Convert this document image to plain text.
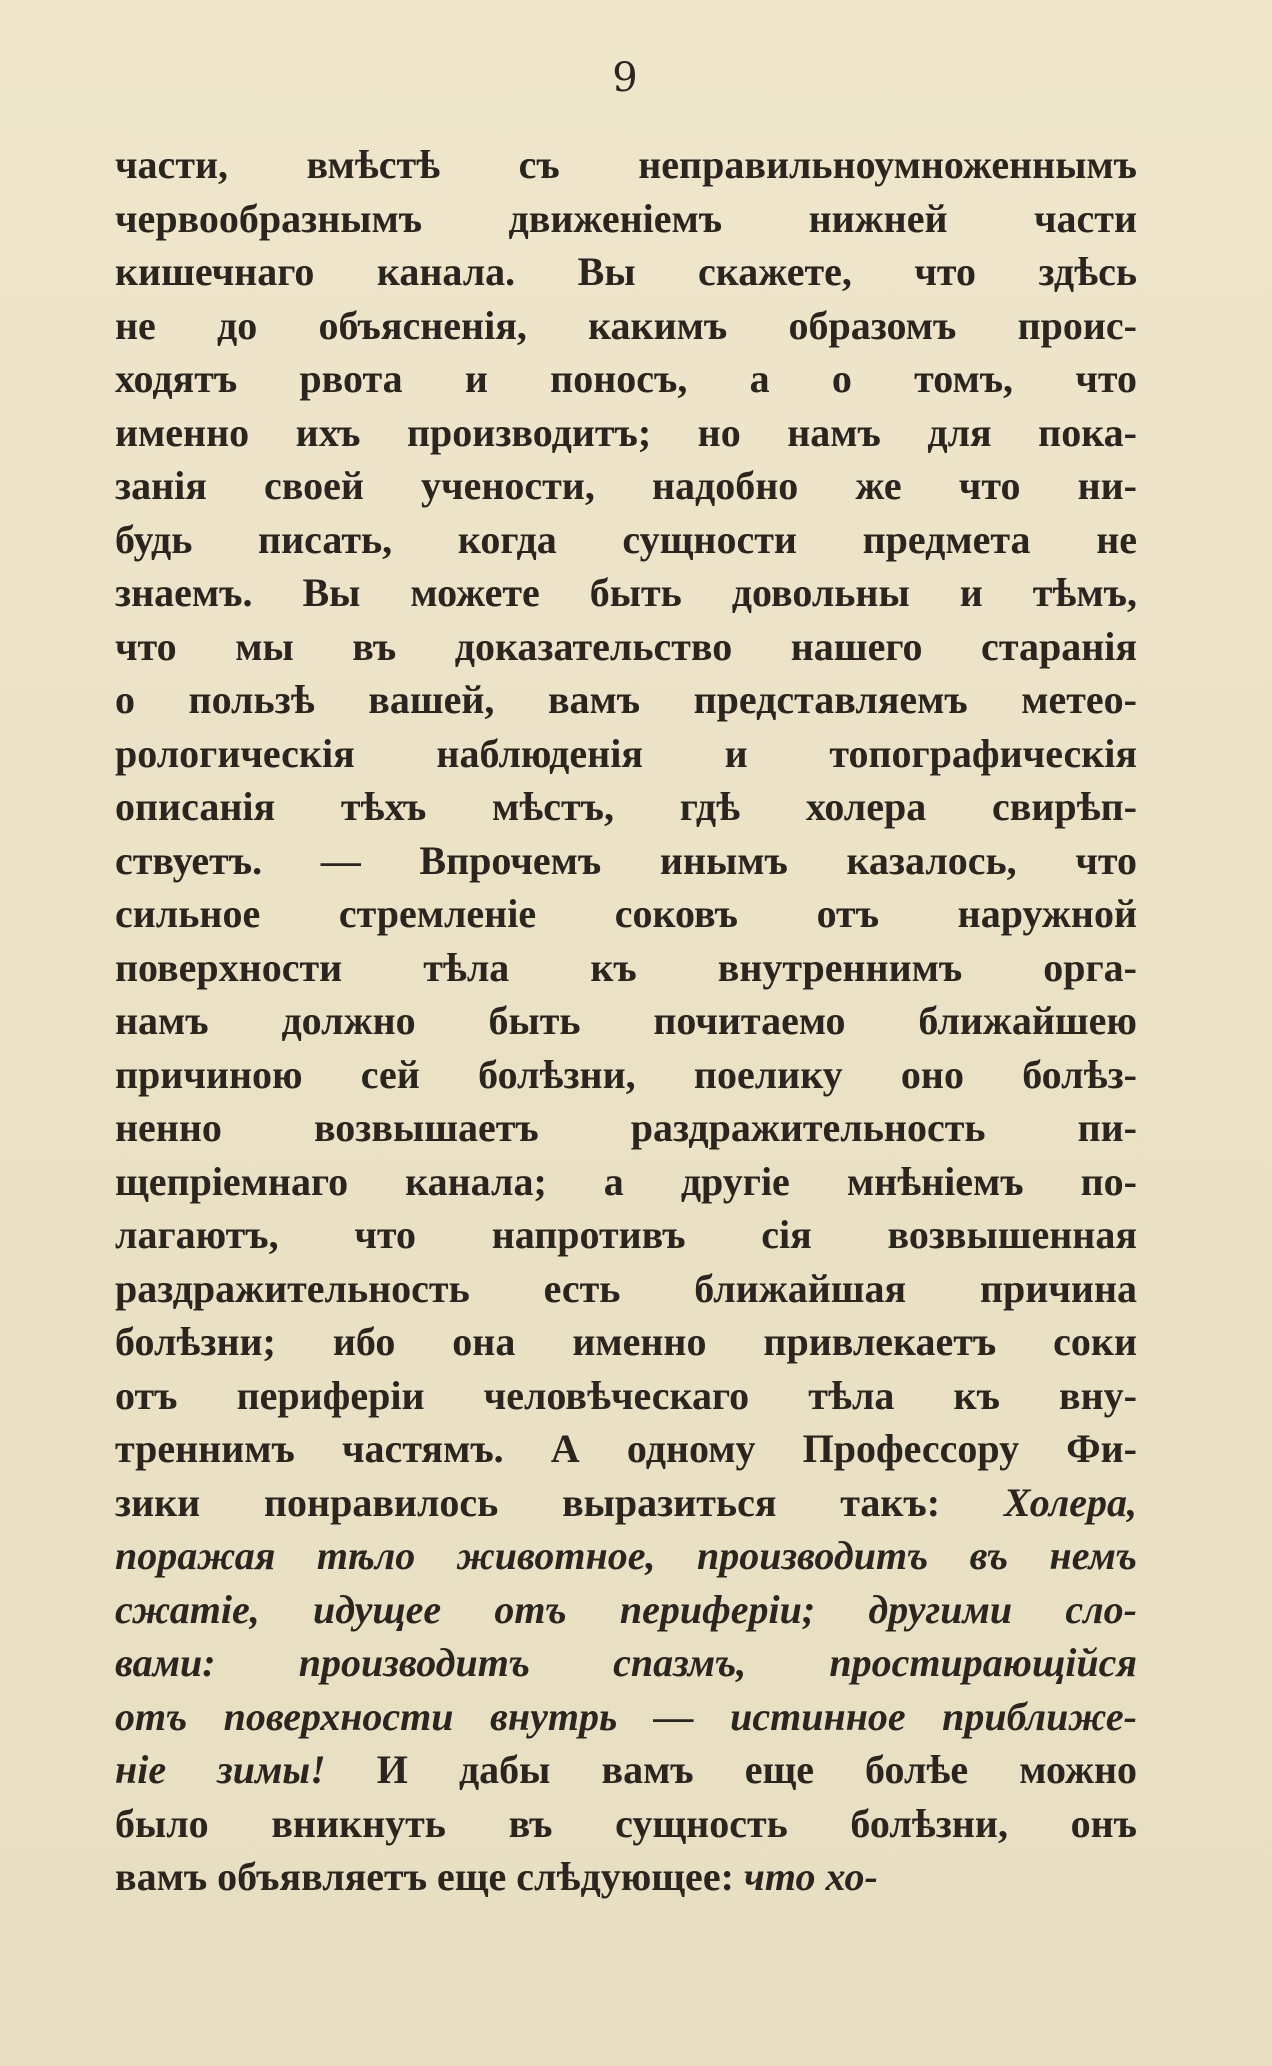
9
части, вмѣстѣ съ неправильноумноженнымъ
червообразнымъ движеніемъ нижней части
кишечнаго канала. Вы скажете, что здѣсь
не до объясненія, какимъ образомъ проис-
ходятъ рвота и поносъ, а о томъ, что
именно ихъ производитъ; но намъ для пока-
занія своей учености, надобно же что ни-
будь писать, когда сущности предмета не
знаемъ. Вы можете быть довольны и тѣмъ,
что мы въ доказательство нашего старанія
о пользѣ вашей, вамъ представляемъ метео-
рологическія наблюденія и топографическія
описанія тѣхъ мѣстъ, гдѣ холера свирѣп-
ствуетъ. — Впрочемъ инымъ казалось, что
сильное стремленіе соковъ отъ наружной
поверхности тѣла къ внутреннимъ орга-
намъ должно быть почитаемо ближайшею
причиною сей болѣзни, поелику оно болѣз-
ненно возвышаетъ раздражительность пи-
щепріемнаго канала; а другіе мнѣніемъ по-
лагаютъ, что напротивъ сія возвышенная
раздражительность есть ближайшая причина
болѣзни; ибо она именно привлекаетъ соки
отъ периферіи человѣческаго тѣла къ вну-
треннимъ частямъ. А одному Профессору Фи-
зики понравилось выразиться такъ: Холера,
поражая тѣло животное, производитъ въ немъ
сжатіе, идущее отъ периферіи; другими сло-
вами: производитъ спазмъ, простирающійся
отъ поверхности внутрь — истинное приближе-
ніе зимы! И дабы вамъ еще болѣе можно
было вникнуть въ сущность болѣзни, онъ
вамъ объявляетъ еще слѣдующее: что хо-
